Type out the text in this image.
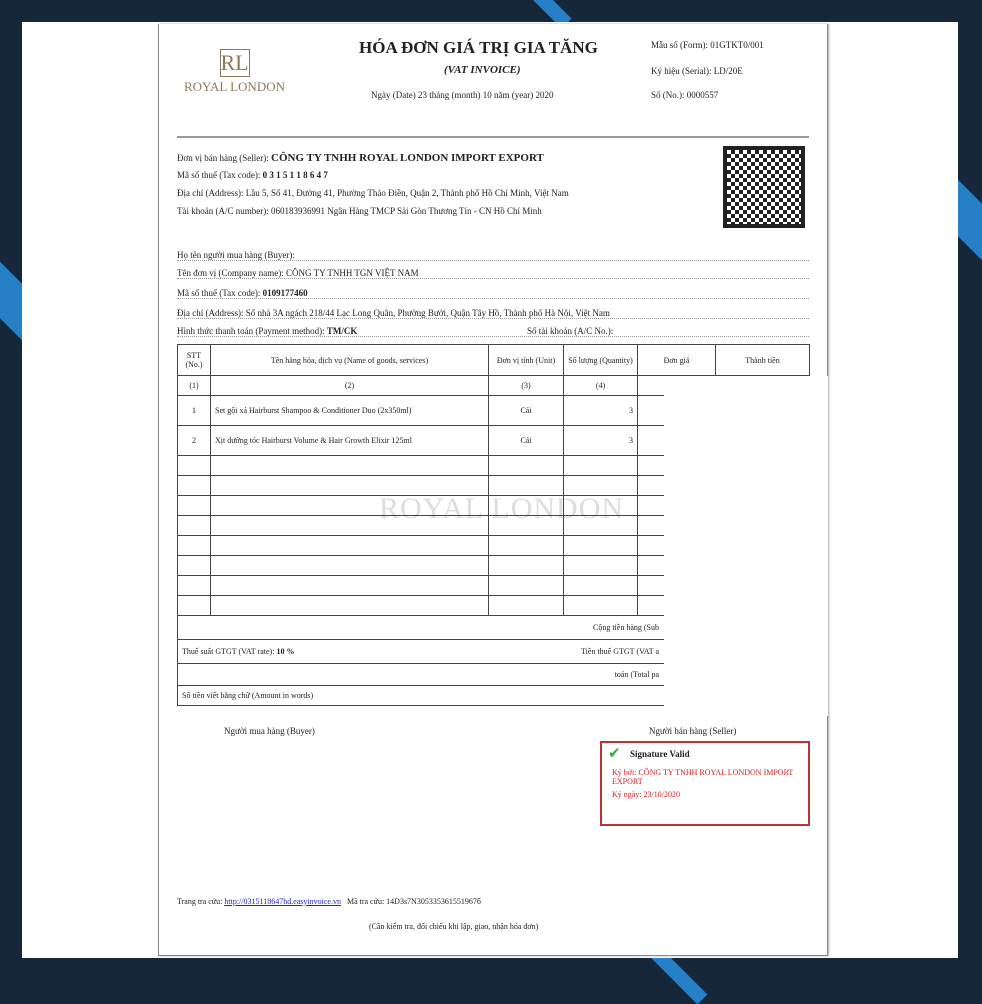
RL
ROYAL LONDON
HÓA ĐƠN GIÁ TRỊ GIA TĂNG
(VAT INVOICE)
Ngày (Date) 23 tháng (month) 10 năm (year) 2020
Mẫu số (Form): 01GTKT0/001
Ký hiệu (Serial): LD/20E
Số (No.): 0000557
Đơn vị bán hàng (Seller): CÔNG TY TNHH ROYAL LONDON IMPORT EXPORT
Mã số thuế (Tax code): 0 3 1 5 1 1 8 6 4 7
Địa chỉ (Address): Lầu 5, Số 41, Đường 41, Phường Thảo Điền, Quận 2, Thành phố Hồ Chí Minh, Việt Nam
Tài khoản (A/C number): 060183936991 Ngân Hàng TMCP Sài Gòn Thương Tín - CN Hồ Chí Minh
Họ tên người mua hàng (Buyer):
Tên đơn vị (Company name): CÔNG TY TNHH TGN VIỆT NAM
Mã số thuế (Tax code): 0109177460
Địa chỉ (Address): Số nhà 3A ngách 218/44 Lạc Long Quân, Phường Bưởi, Quận Tây Hồ, Thành phố Hà Nội, Việt Nam
Hình thức thanh toán (Payment method): TM/CK	Số tài khoản (A/C No.):
ROYAL LONDON
STT (No.)	Tên hàng hóa, dịch vụ (Name of goods, services)	Đơn vị tính (Unit)	Số lượng (Quantity)	Đơn giá	Thành tiền
(1)	(2)	(3)	(4)		
1	Set gội xả Hairburst Shampoo & Conditioner Duo (2x350ml)	Cái	3		
2	Xịt dưỡng tóc Hairburst Volume & Hair Growth Elixir 125ml	Cái	3		

Cộng tiền hàng (Sub					
Thuế suất GTGT (VAT rate): 10 % Tiền thuế GTGT (VAT a					

toán (Total pa					
Số tiền viết bằng chữ (Amount in words)					
Người mua hàng (Buyer)	Người bán hàng (Seller)
✔	Signature Valid
Ký bởi: CÔNG TY TNHH ROYAL LONDON IMPORT EXPORT
Ký ngày: 23/10/2020
Trang tra cứu: http://0315118647hd.easyinvoice.vn Mã tra cứu: 14D3s7N305335361551967б
(Cần kiểm tra, đối chiếu khi lập, giao, nhận hóa đơn)
